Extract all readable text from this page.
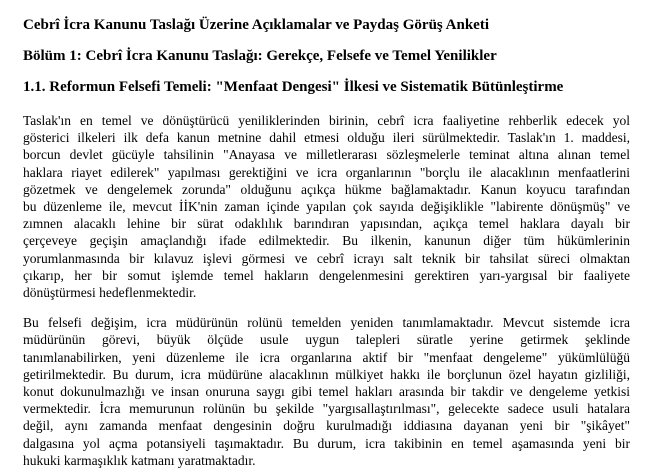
Cebrî İcra Kanunu Taslağı Üzerine Açıklamalar ve Paydaş Görüş Anketi
Bölüm 1: Cebrî İcra Kanunu Taslağı: Gerekçe, Felsefe ve Temel Yenilikler
1.1. Reformun Felsefi Temeli: "Menfaat Dengesi" İlkesi ve Sistematik Bütünleştirme
Taslak'ın en temel ve dönüştürücü yeniliklerinden birinin, cebrî icra faaliyetine rehberlik edecek yol
gösterici ilkeleri ilk defa kanun metnine dahil etmesi olduğu ileri sürülmektedir. Taslak'ın 1. maddesi,
borcun devlet gücüyle tahsilinin "Anayasa ve milletlerarası sözleşmelerle teminat altına alınan temel
haklara riayet edilerek" yapılması gerektiğini ve icra organlarının "borçlu ile alacaklının menfaatlerini
gözetmek ve dengelemek zorunda" olduğunu açıkça hükme bağlamaktadır. Kanun koyucu tarafından
bu düzenleme ile, mevcut İİK'nin zaman içinde yapılan çok sayıda değişiklikle "labirente dönüşmüş" ve
zımnen alacaklı lehine bir sürat odaklılık barındıran yapısından, açıkça temel haklara dayalı bir
çerçeveye geçişin amaçlandığı ifade edilmektedir. Bu ilkenin, kanunun diğer tüm hükümlerinin
yorumlanmasında bir kılavuz işlevi görmesi ve cebrî icrayı salt teknik bir tahsilat süreci olmaktan
çıkarıp, her bir somut işlemde temel hakların dengelenmesini gerektiren yarı-yargısal bir faaliyete
dönüştürmesi hedeflenmektedir.
Bu felsefi değişim, icra müdürünün rolünü temelden yeniden tanımlamaktadır. Mevcut sistemde icra
müdürünün görevi, büyük ölçüde usule uygun talepleri süratle yerine getirmek şeklinde
tanımlanabilirken, yeni düzenleme ile icra organlarına aktif bir "menfaat dengeleme" yükümlülüğü
getirilmektedir. Bu durum, icra müdürüne alacaklının mülkiyet hakkı ile borçlunun özel hayatın gizliliği,
konut dokunulmazlığı ve insan onuruna saygı gibi temel hakları arasında bir takdir ve dengeleme yetkisi
vermektedir. İcra memurunun rolünün bu şekilde "yargısallaştırılması", gelecekte sadece usuli hatalara
değil, aynı zamanda menfaat dengesinin doğru kurulmadığı iddiasına dayanan yeni bir "şikâyet"
dalgasına yol açma potansiyeli taşımaktadır. Bu durum, icra takibinin en temel aşamasında yeni bir
hukuki karmaşıklık katmanı yaratmaktadır.
